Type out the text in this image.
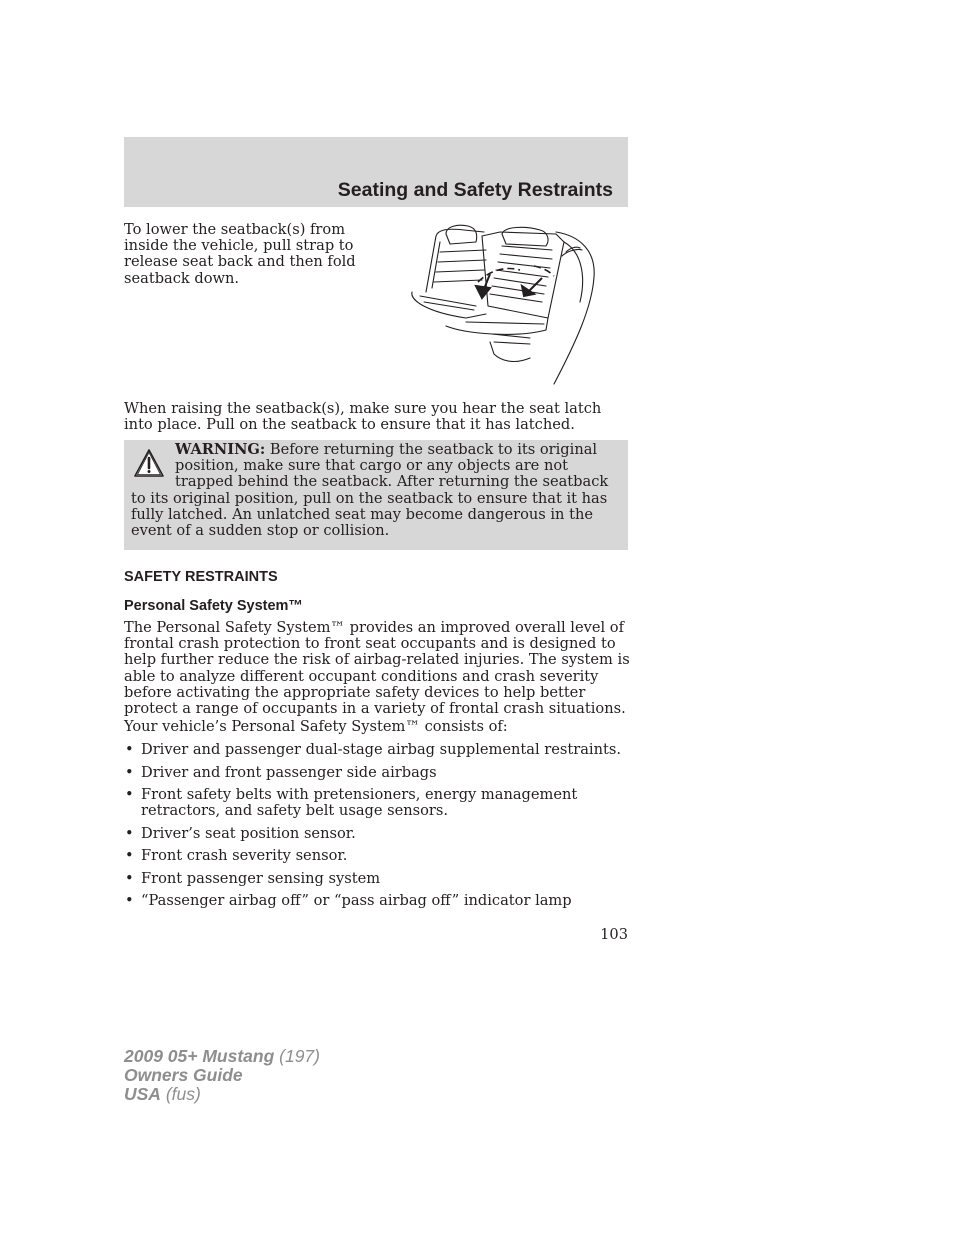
Seating and Safety Restraints
To lower the seatback(s) from inside the vehicle, pull strap to release seat back and then fold seatback down.
When raising the seatback(s), make sure you hear the seat latch into place. Pull on the seatback to ensure that it has latched.
WARNING: Before returning the seatback to its original position, make sure that cargo or any objects are not trapped behind the seatback. After returning the seatback to its original position, pull on the seatback to ensure that it has fully latched. An unlatched seat may become dangerous in the event of a sudden stop or collision.
SAFETY RESTRAINTS
Personal Safety System™
The Personal Safety System™ provides an improved overall level of frontal crash protection to front seat occupants and is designed to help further reduce the risk of airbag-related injuries. The system is able to analyze different occupant conditions and crash severity before activating the appropriate safety devices to help better protect a range of occupants in a variety of frontal crash situations.
Your vehicle’s Personal Safety System™ consists of:
• Driver and passenger dual-stage airbag supplemental restraints.
• Driver and front passenger side airbags
• Front safety belts with pretensioners, energy management retractors, and safety belt usage sensors.
• Driver’s seat position sensor.
• Front crash severity sensor.
• Front passenger sensing system
• “Passenger airbag off” or “pass airbag off” indicator lamp
103
2009 05+ Mustang (197)
Owners Guide
USA (fus)
